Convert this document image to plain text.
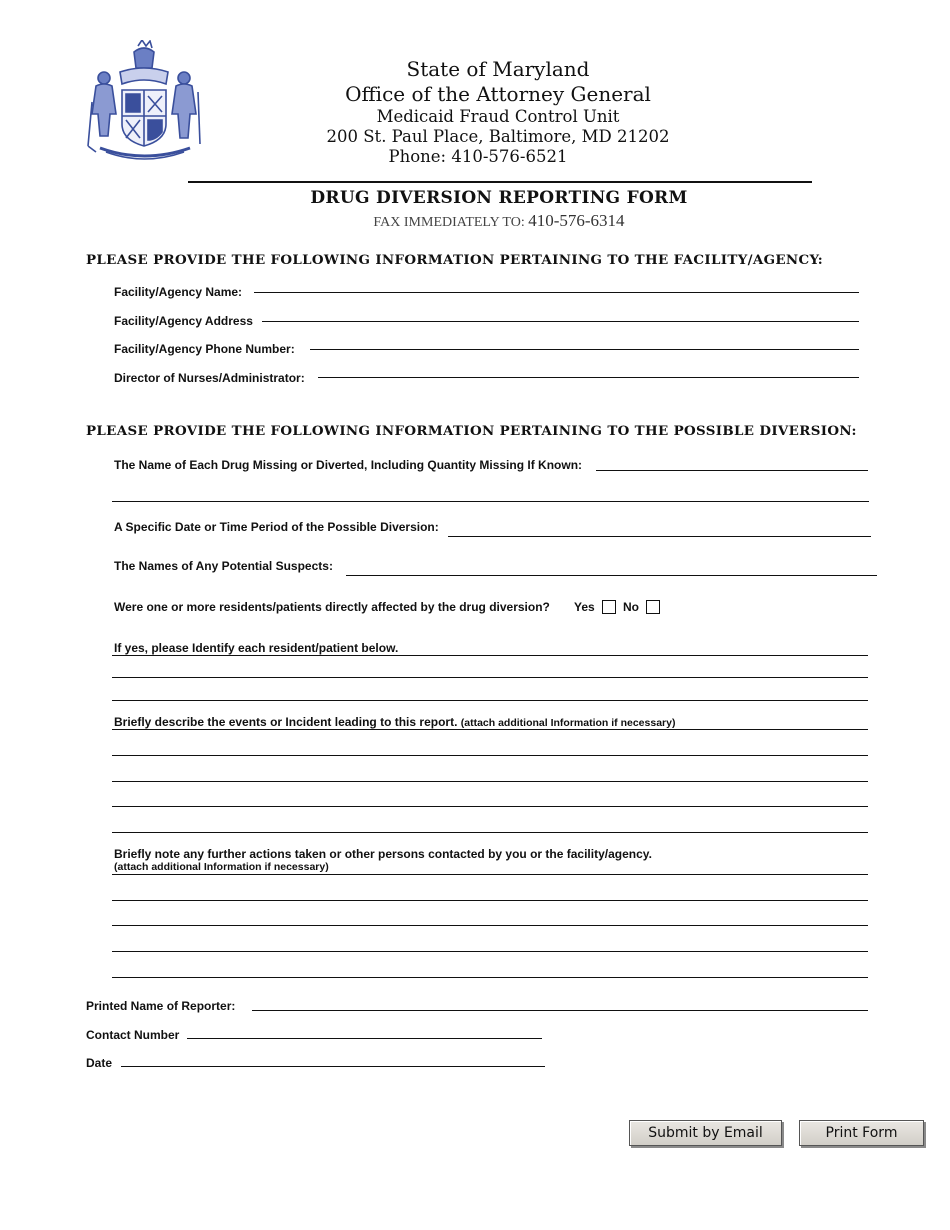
State of Maryland
Office of the Attorney General
Medicaid Fraud Control Unit
200 St. Paul Place, Baltimore, MD 21202
Phone: 410-576-6521
DRUG DIVERSION REPORTING FORM
FAX IMMEDIATELY TO: 410-576-6314
PLEASE PROVIDE THE FOLLOWING INFORMATION PERTAINING TO THE FACILITY/AGENCY:
Facility/Agency Name:
Facility/Agency Address
Facility/Agency Phone Number:
Director of Nurses/Administrator:
PLEASE PROVIDE THE FOLLOWING INFORMATION PERTAINING TO THE POSSIBLE DIVERSION:
The Name of Each Drug Missing or Diverted, Including Quantity Missing If Known:
A Specific Date or Time Period of the Possible Diversion:
The Names of Any Potential Suspects:
Were one or more residents/patients directly affected by the drug diversion? Yes No
If yes, please Identify each resident/patient below.
Briefly describe the events or Incident leading to this report. (attach additional Information if necessary)
Briefly note any further actions taken or other persons contacted by you or the facility/agency.
(attach additional Information if necessary)
Printed Name of Reporter:
Contact Number
Date
Submit by Email	Print Form
